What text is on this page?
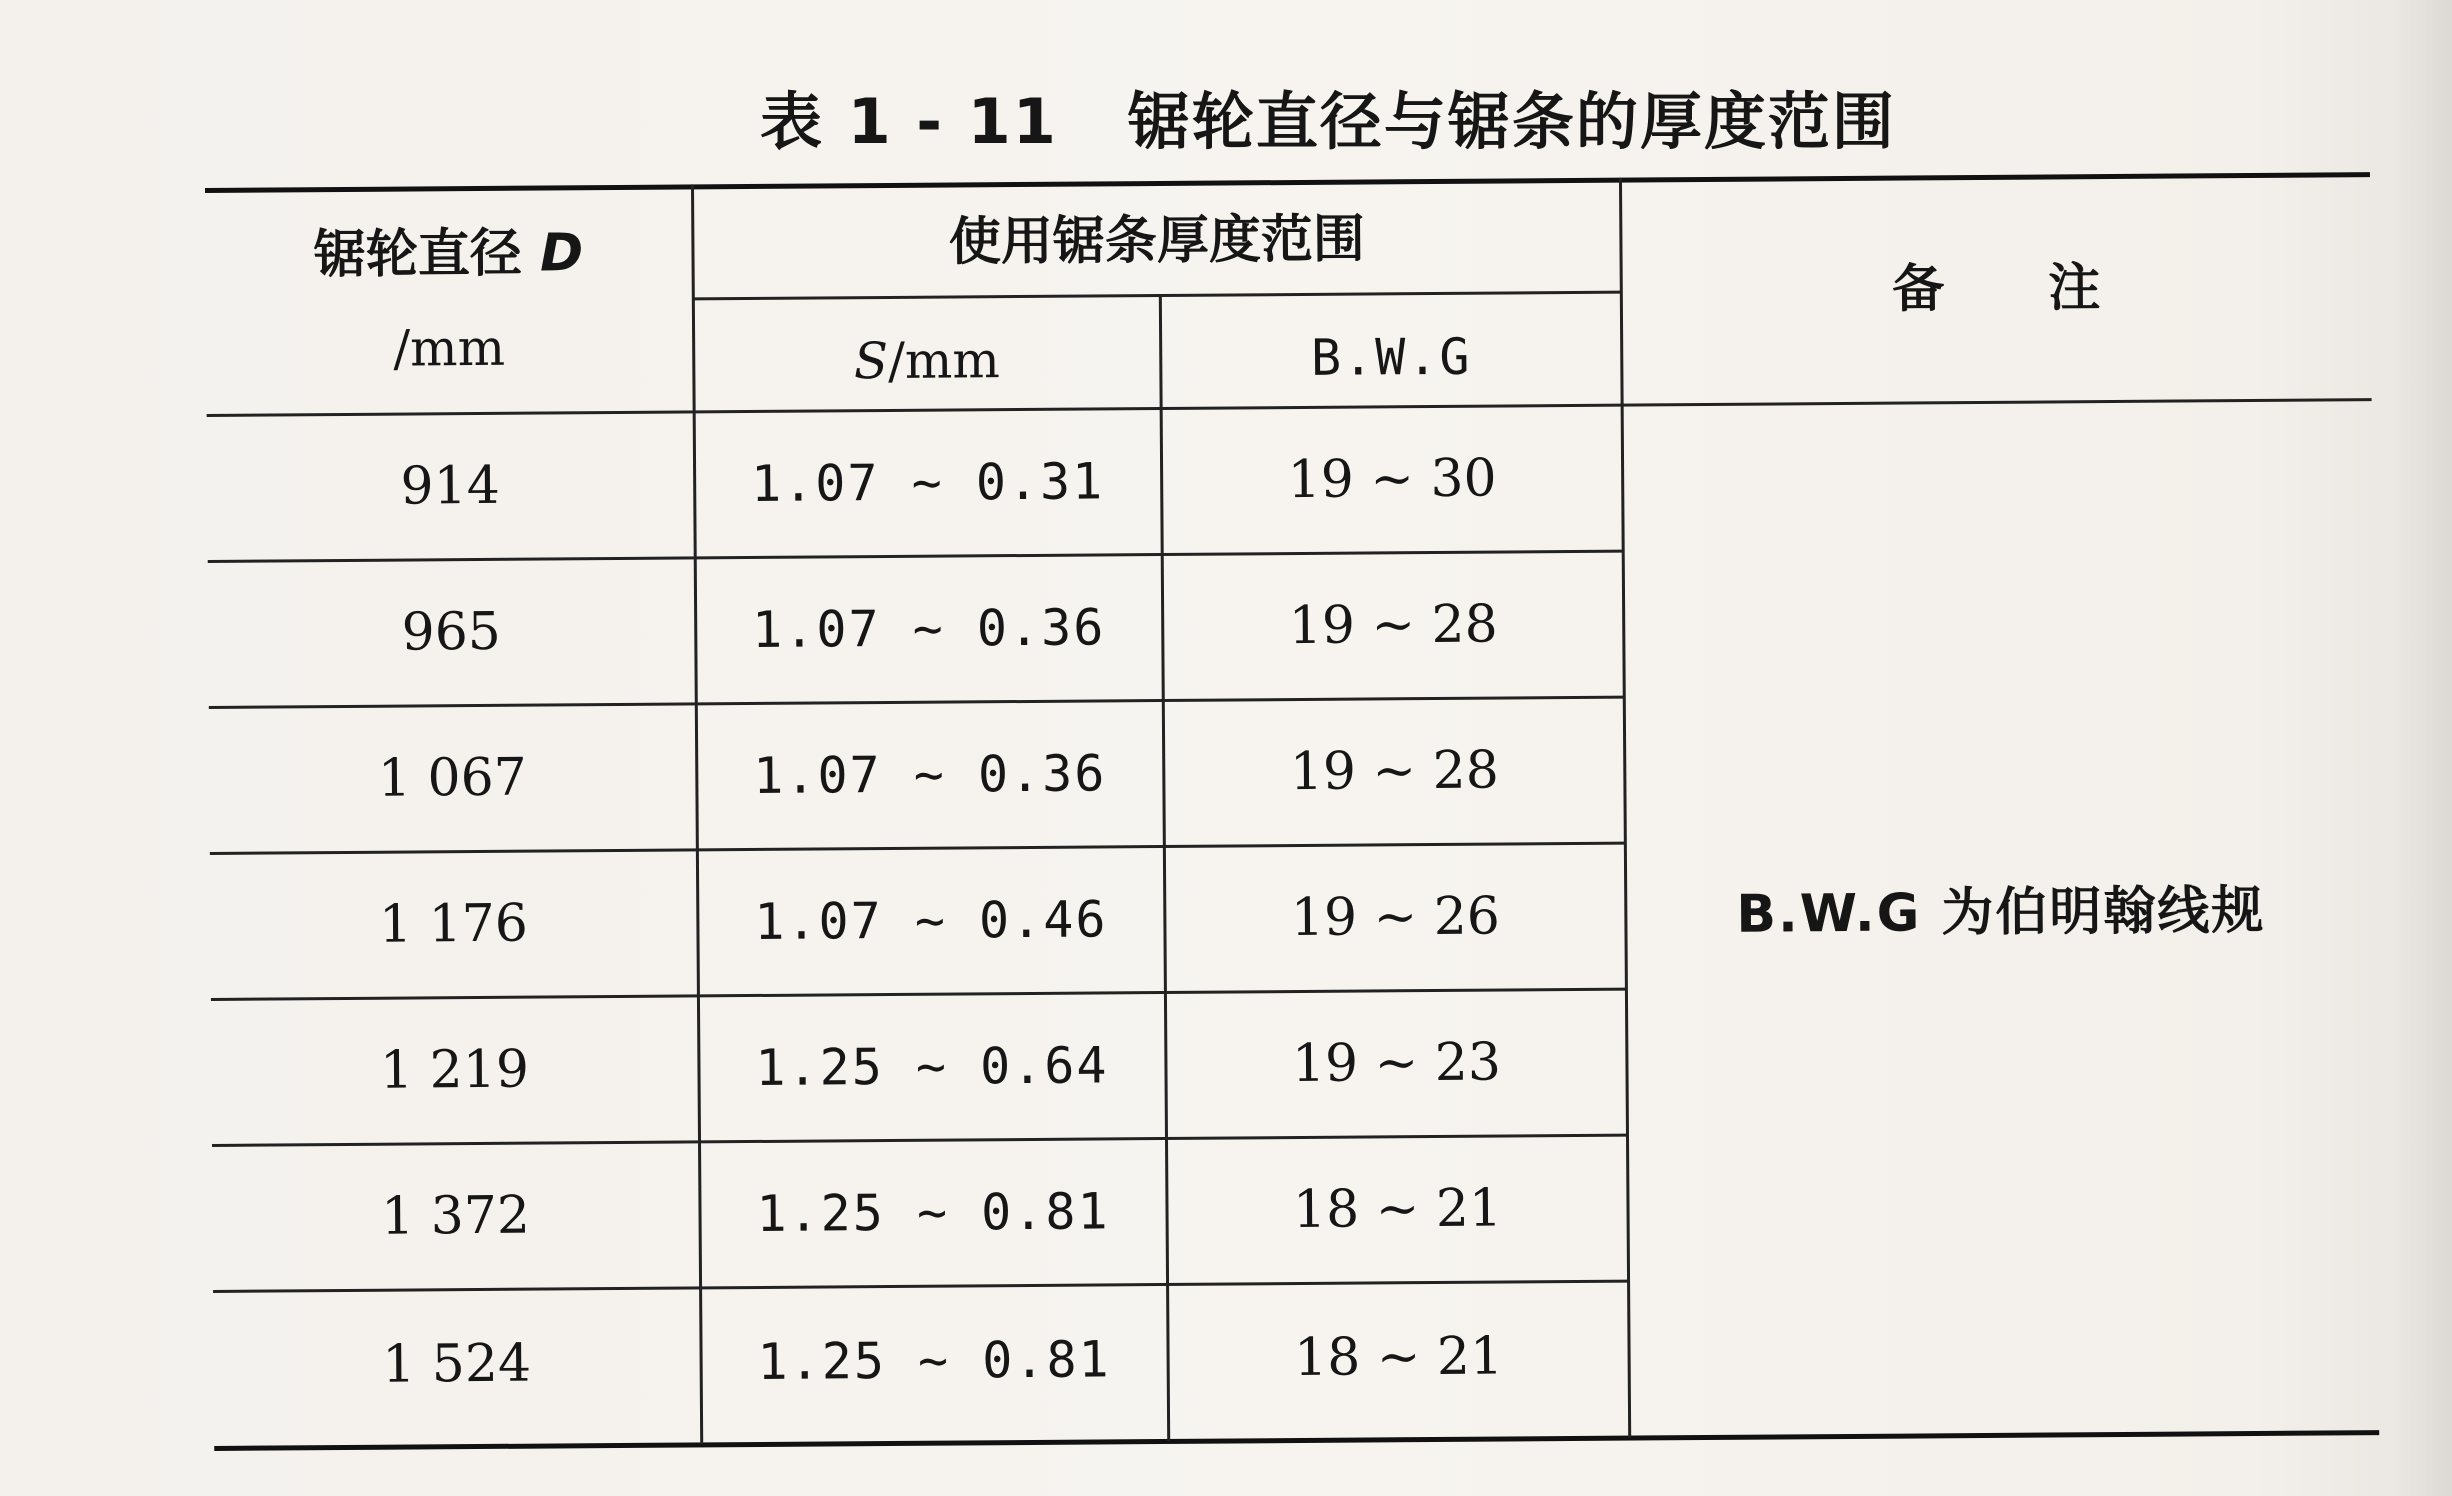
表 1 - 11 锯轮直径与锯条的厚度范围
锯轮直径 D
/mm
使用锯条厚度范围
S/mm	B.W.G
备　　注
914	1.07 ~ 0.31	19 ~ 30
965	1.07 ~ 0.36	19 ~ 28
1 067	1.07 ~ 0.36	19 ~ 28
1 176	1.07 ~ 0.46	19 ~ 26
1 219	1.25 ~ 0.64	19 ~ 23
1 372	1.25 ~ 0.81	18 ~ 21
1 524	1.25 ~ 0.81	18 ~ 21
B.W.G 为伯明翰线规
